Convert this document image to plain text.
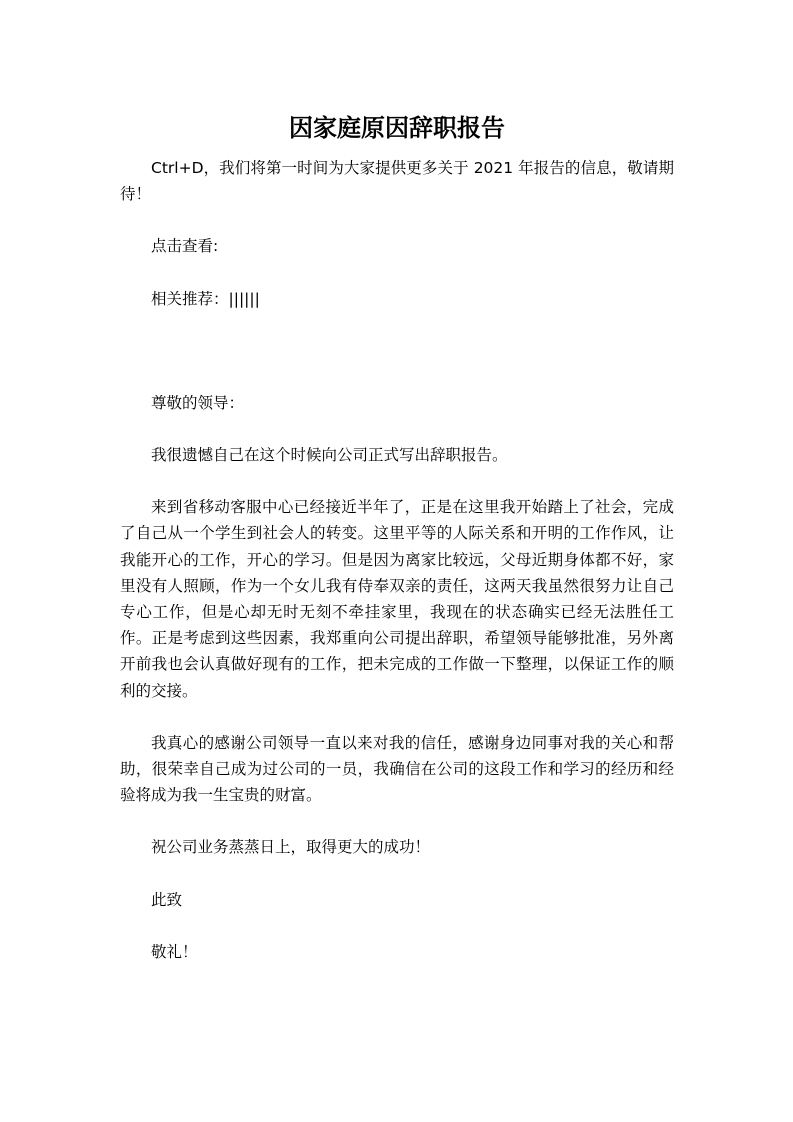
因家庭原因辞职报告

Ctrl+D，我们将第一时间为大家提供更多关于 2021 年报告的信息，敬请期待！

点击查看:

相关推荐：||||||

尊敬的领导：

我很遗憾自己在这个时候向公司正式写出辞职报告。

来到省移动客服中心已经接近半年了，正是在这里我开始踏上了社会，完成了自己从一个学生到社会人的转变。这里平等的人际关系和开明的工作作风，让我能开心的工作，开心的学习。但是因为离家比较远，父母近期身体都不好，家里没有人照顾，作为一个女儿我有侍奉双亲的责任，这两天我虽然很努力让自己专心工作，但是心却无时无刻不牵挂家里，我现在的状态确实已经无法胜任工作。正是考虑到这些因素，我郑重向公司提出辞职，希望领导能够批准，另外离开前我也会认真做好现有的工作，把未完成的工作做一下整理，以保证工作的顺利的交接。

我真心的感谢公司领导一直以来对我的信任，感谢身边同事对我的关心和帮助，很荣幸自己成为过公司的一员，我确信在公司的这段工作和学习的经历和经验将成为我一生宝贵的财富。

祝公司业务蒸蒸日上，取得更大的成功！

此致

敬礼！
